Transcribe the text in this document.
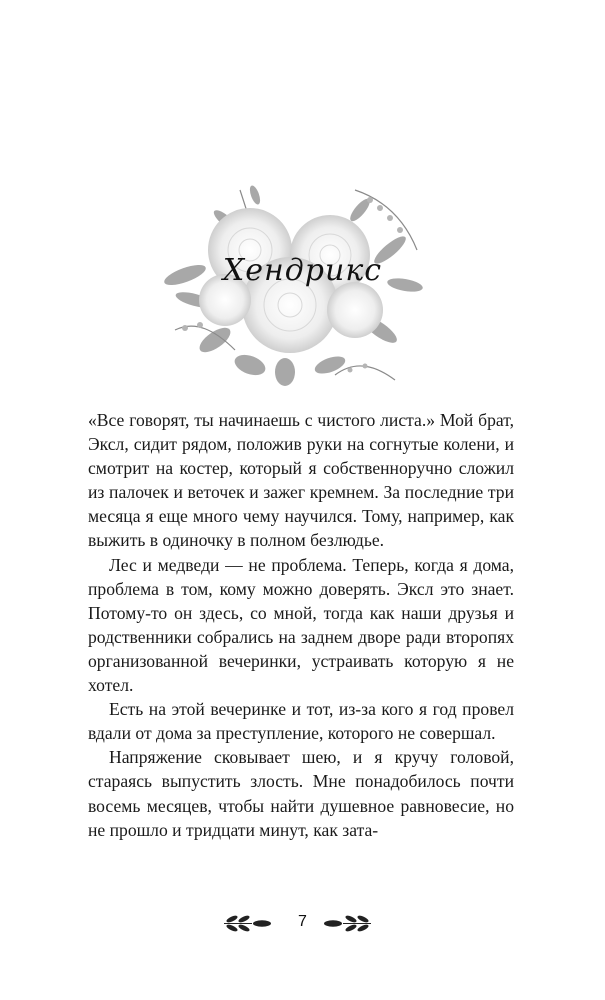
Хендрикс

«Все говорят, ты начинаешь с чистого листа.» Мой брат, Эксл, сидит рядом, положив руки на согнутые колени, и смотрит на костер, который я собственноручно сложил из палочек и веточек и зажег кремнем. За последние три месяца я еще много чему научился. Тому, например, как выжить в одиночку в полном безлюдье.

Лес и медведи — не проблема. Теперь, когда я дома, проблема в том, кому можно доверять. Эксл это знает. Потому-то он здесь, со мной, тогда как наши друзья и родственники собрались на заднем дворе ради второпях организованной вечеринки, устраивать которую я не хотел.

Есть на этой вечеринке и тот, из-за кого я год провел вдали от дома за преступление, которого не совершал.

Напряжение сковывает шею, и я кручу головой, стараясь выпустить злость. Мне понадобилось почти восемь месяцев, чтобы найти душевное равновесие, но не прошло и тридцати минут, как зата-

7
